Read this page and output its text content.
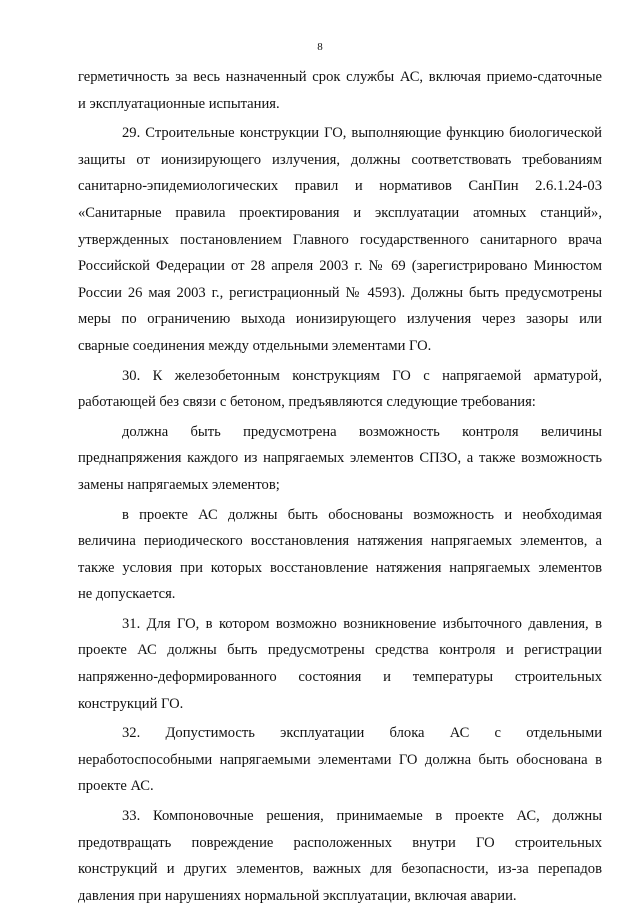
8
герметичность за весь назначенный срок службы АС, включая приемо-сдаточные
и эксплуатационные испытания.
29. Строительные конструкции ГО, выполняющие функцию биологической
защиты от ионизирующего излучения, должны соответствовать требованиям
санитарно-эпидемиологических правил и нормативов СанПин 2.6.1.24-03
«Санитарные правила проектирования и эксплуатации атомных станций»,
утвержденных постановлением Главного государственного санитарного врача
Российской Федерации от 28 апреля 2003 г. № 69 (зарегистрировано Минюстом
России 26 мая 2003 г., регистрационный № 4593). Должны быть предусмотрены
меры по ограничению выхода ионизирующего излучения через зазоры или
сварные соединения между отдельными элементами ГО.
30. К железобетонным конструкциям ГО с напрягаемой арматурой,
работающей без связи с бетоном, предъявляются следующие требования:
должна быть предусмотрена возможность контроля величины
преднапряжения каждого из напрягаемых элементов СПЗО, а также возможность
замены напрягаемых элементов;
в проекте АС должны быть обоснованы возможность и необходимая
величина периодического восстановления натяжения напрягаемых элементов, а
также условия при которых восстановление натяжения напрягаемых элементов
не допускается.
31. Для ГО, в котором возможно возникновение избыточного давления, в
проекте АС должны быть предусмотрены средства контроля и регистрации
напряженно-деформированного состояния и температуры строительных
конструкций ГО.
32. Допустимость эксплуатации блока АС с отдельными
неработоспособными напрягаемыми элементами ГО должна быть обоснована в
проекте АС.
33. Компоновочные решения, принимаемые в проекте АС, должны
предотвращать повреждение расположенных внутри ГО строительных
конструкций и других элементов, важных для безопасности, из-за перепадов
давления при нарушениях нормальной эксплуатации, включая аварии.
